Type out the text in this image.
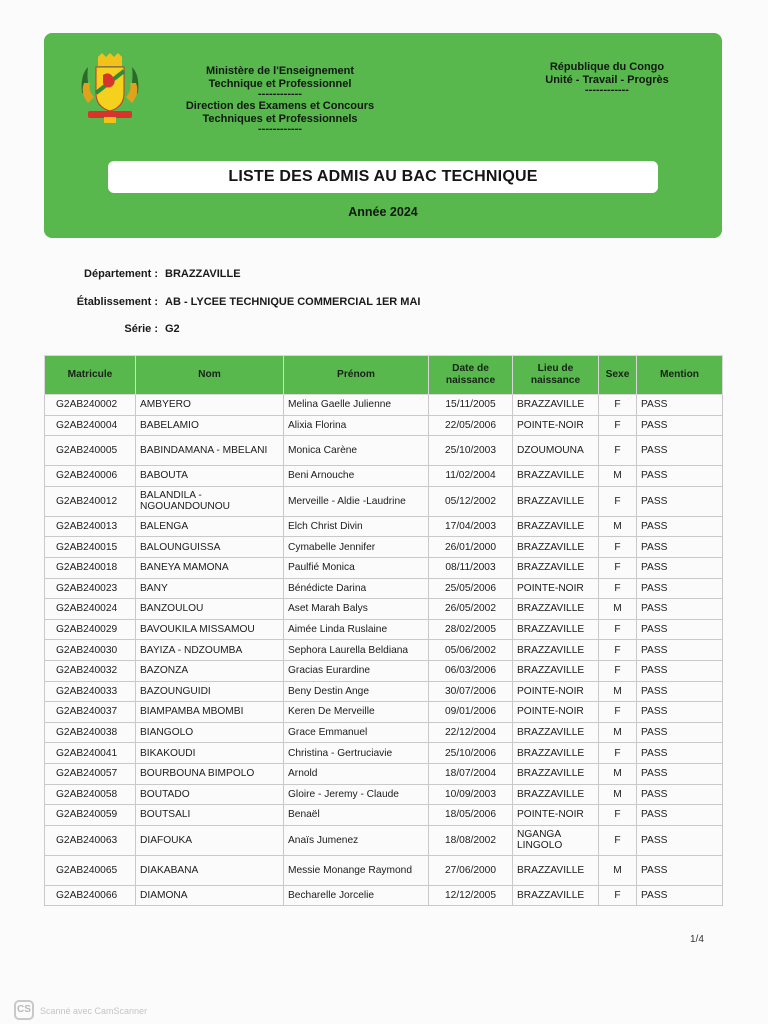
Ministère de l'Enseignement
Technique et Professionnel
------------
Direction des Examens et Concours
Techniques et Professionnels
------------
République du Congo
Unité - Travail - Progrès
------------
LISTE DES ADMIS AU BAC TECHNIQUE
Année 2024
Département : BRAZZAVILLE
Établissement : AB - LYCEE TECHNIQUE COMMERCIAL 1ER MAI
Série : G2
Matricule	Nom	Prénom	Date de naissance	Lieu de naissance	Sexe	Mention
G2AB240002	AMBYERO	Melina Gaelle Julienne	15/11/2005	BRAZZAVILLE	F	PASS
G2AB240004	BABELAMIO	Alixia Florina	22/05/2006	POINTE-NOIR	F	PASS
G2AB240005	BABINDAMANA - MBELANI	Monica Carène	25/10/2003	DZOUMOUNA	F	PASS
G2AB240006	BABOUTA	Beni Arnouche	11/02/2004	BRAZZAVILLE	M	PASS
G2AB240012	BALANDILA - NGOUANDOUNOU	Merveille - Aldie -Laudrine	05/12/2002	BRAZZAVILLE	F	PASS
G2AB240013	BALENGA	Elch Christ Divin	17/04/2003	BRAZZAVILLE	M	PASS
G2AB240015	BALOUNGUISSA	Cymabelle Jennifer	26/01/2000	BRAZZAVILLE	F	PASS
G2AB240018	BANEYA MAMONA	Paulfié Monica	08/11/2003	BRAZZAVILLE	F	PASS
G2AB240023	BANY	Bénédicte Darina	25/05/2006	POINTE-NOIR	F	PASS
G2AB240024	BANZOULOU	Aset Marah Balys	26/05/2002	BRAZZAVILLE	M	PASS
G2AB240029	BAVOUKILA MISSAMOU	Aimée Linda Ruslaine	28/02/2005	BRAZZAVILLE	F	PASS
G2AB240030	BAYIZA - NDZOUMBA	Sephora Laurella Beldiana	05/06/2002	BRAZZAVILLE	F	PASS
G2AB240032	BAZONZA	Gracias Eurardine	06/03/2006	BRAZZAVILLE	F	PASS
G2AB240033	BAZOUNGUIDI	Beny Destin Ange	30/07/2006	POINTE-NOIR	M	PASS
G2AB240037	BIAMPAMBA MBOMBI	Keren De Merveille	09/01/2006	POINTE-NOIR	F	PASS
G2AB240038	BIANGOLO	Grace Emmanuel	22/12/2004	BRAZZAVILLE	M	PASS
G2AB240041	BIKAKOUDI	Christina - Gertruciavie	25/10/2006	BRAZZAVILLE	F	PASS
G2AB240057	BOURBOUNA BIMPOLO	Arnold	18/07/2004	BRAZZAVILLE	M	PASS
G2AB240058	BOUTADO	Gloire - Jeremy - Claude	10/09/2003	BRAZZAVILLE	M	PASS
G2AB240059	BOUTSALI	Benaël	18/05/2006	POINTE-NOIR	F	PASS
G2AB240063	DIAFOUKA	Anaïs Jumenez	18/08/2002	NGANGA LINGOLO	F	PASS
G2AB240065	DIAKABANA	Messie Monange Raymond	27/06/2000	BRAZZAVILLE	M	PASS
G2AB240066	DIAMONA	Becharelle Jorcelie	12/12/2005	BRAZZAVILLE	F	PASS
1/4
CS	Scanné avec CamScanner
